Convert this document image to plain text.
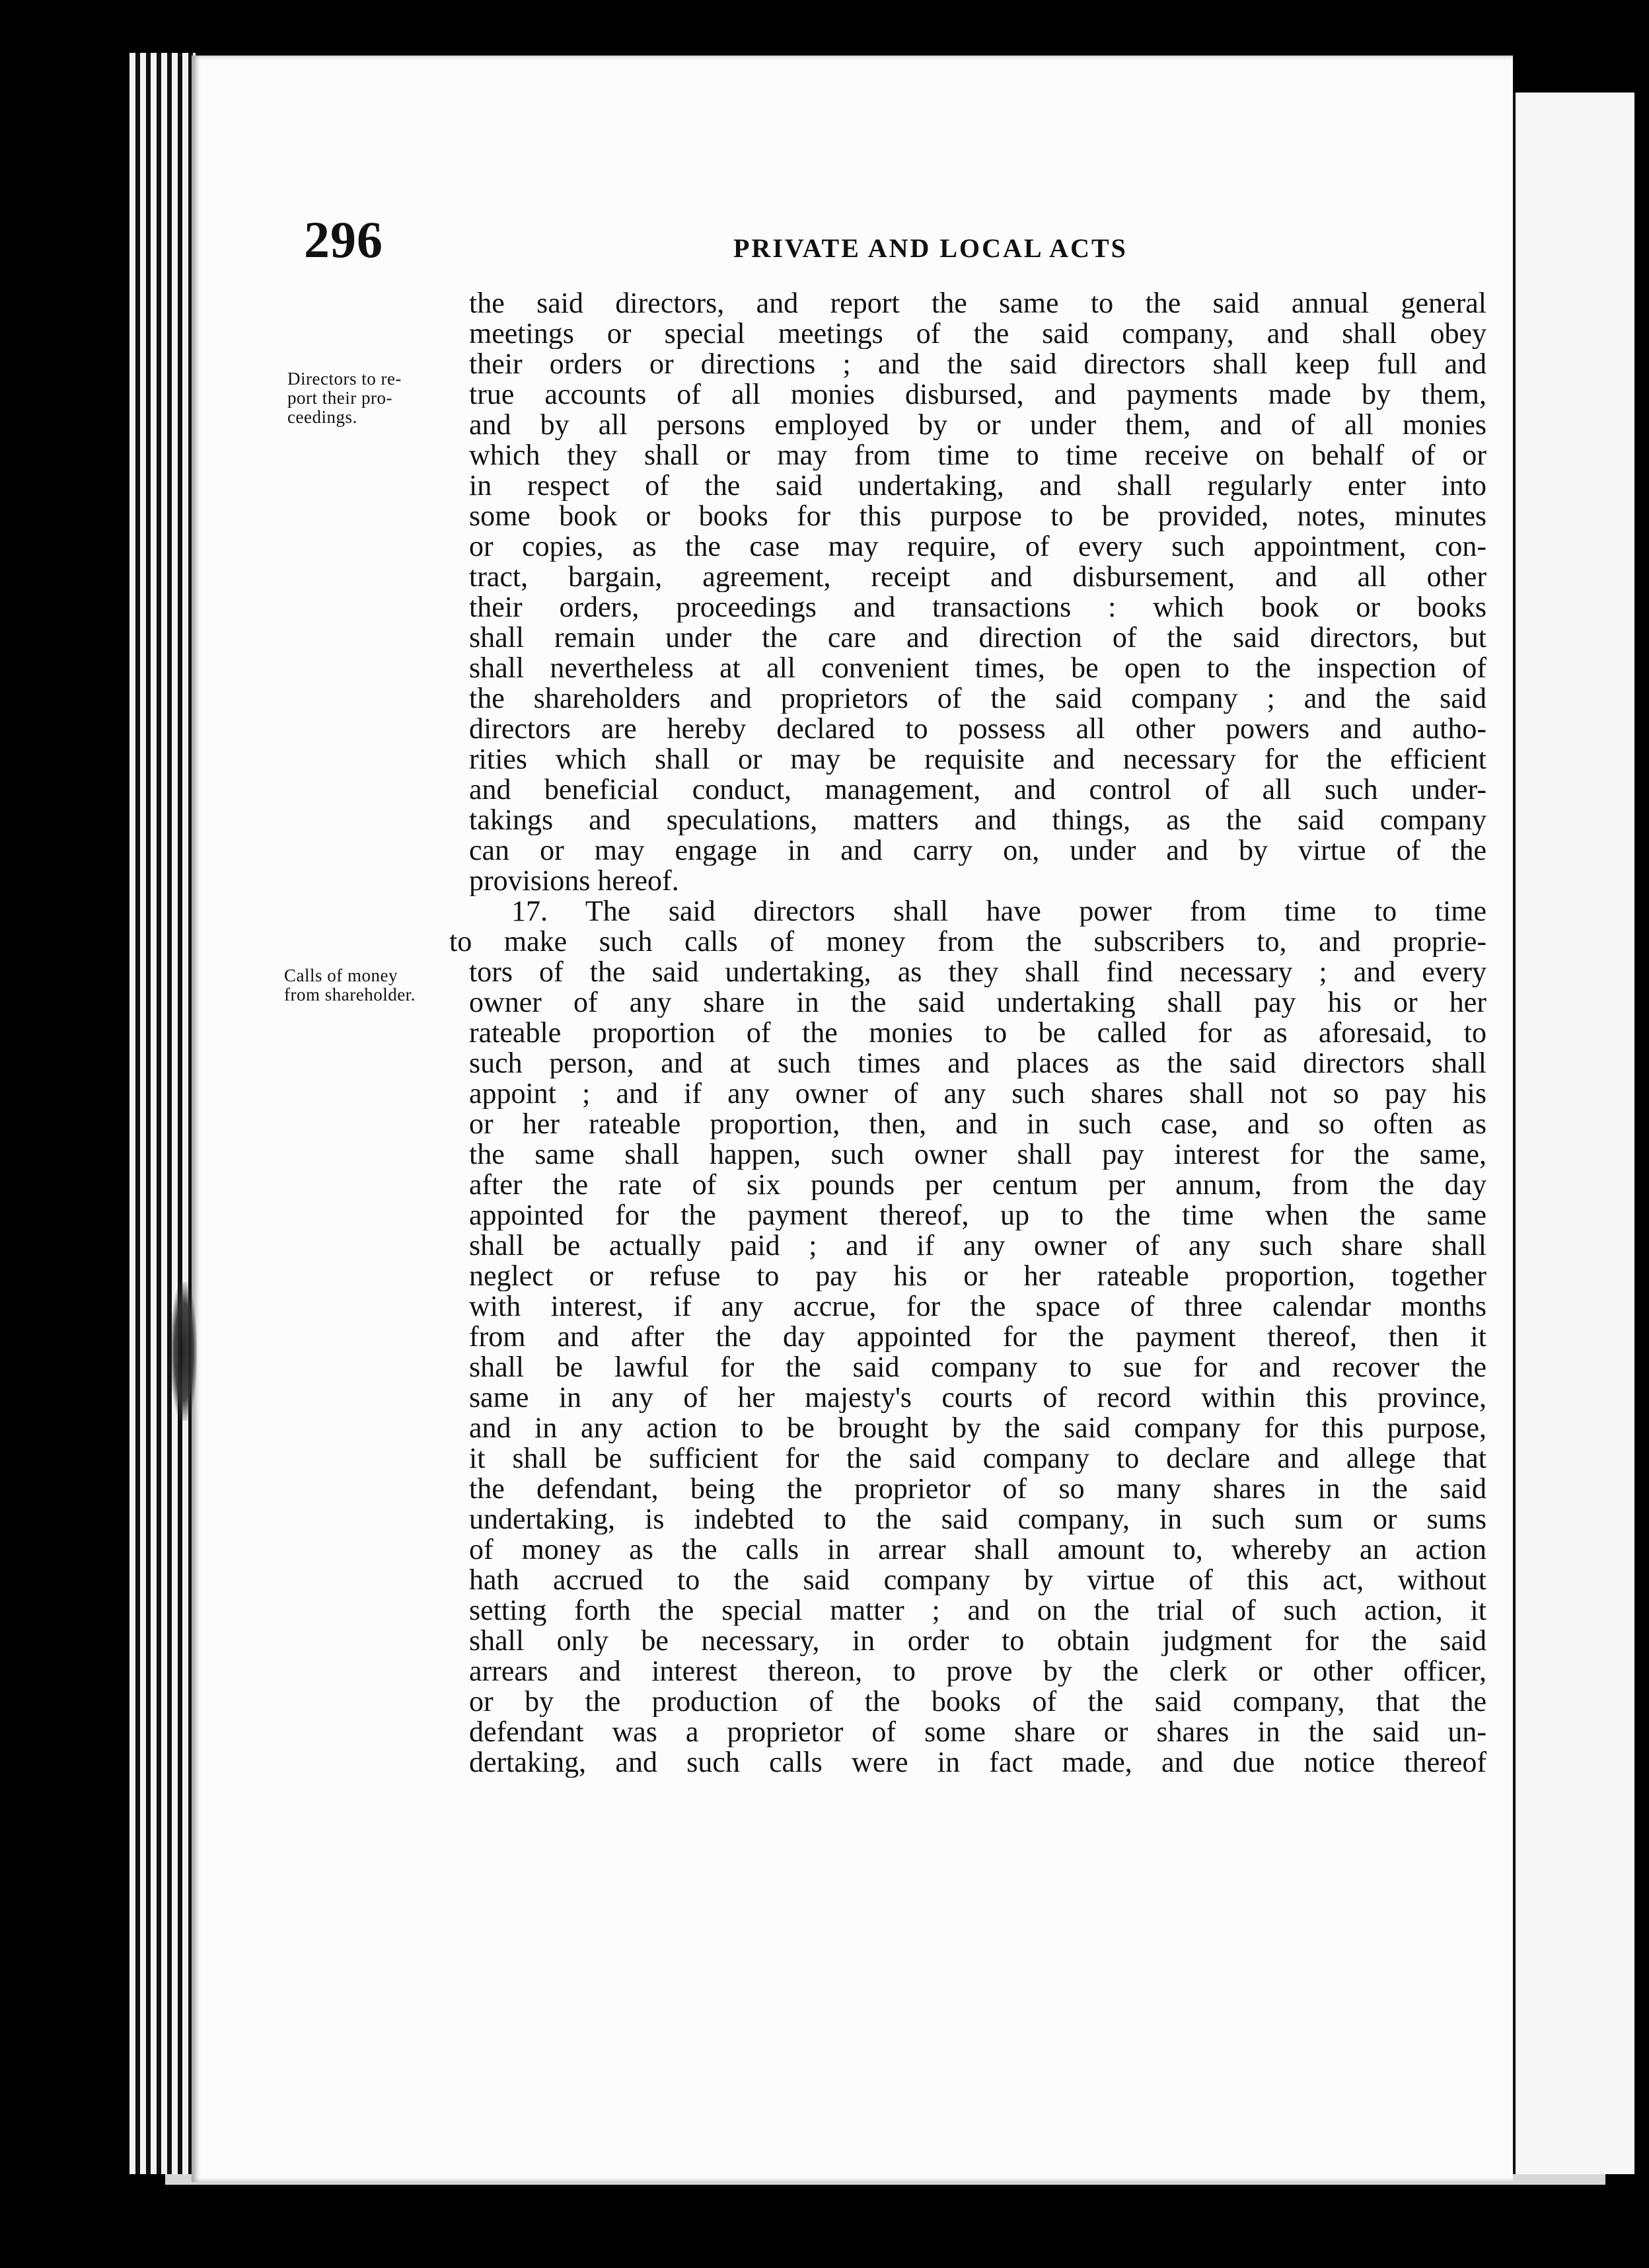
296	PRIVATE AND LOCAL ACTS
Directors to re-
port their pro-
ceedings.
Calls of money
from shareholder.
the said directors, and report the same to the said annual general
meetings or special meetings of the said company, and shall obey
their orders or directions ; and the said directors shall keep full and
true accounts of all monies disbursed, and payments made by them,
and by all persons employed by or under them, and of all monies
which they shall or may from time to time receive on behalf of or
in respect of the said undertaking, and shall regularly enter into
some book or books for this purpose to be provided, notes, minutes
or copies, as the case may require, of every such appointment, con-
tract, bargain, agreement, receipt and disbursement, and all other
their orders, proceedings and transactions : which book or books
shall remain under the care and direction of the said directors, but
shall nevertheless at all convenient times, be open to the inspection of
the shareholders and proprietors of the said company ; and the said
directors are hereby declared to possess all other powers and autho-
rities which shall or may be requisite and necessary for the efficient
and beneficial conduct, management, and control of all such under-
takings and speculations, matters and things, as the said company
can or may engage in and carry on, under and by virtue of the
provisions hereof.
17. The said directors shall have power from time to time
to make such calls of money from the subscribers to, and proprie-
tors of the said undertaking, as they shall find necessary ; and every
owner of any share in the said undertaking shall pay his or her
rateable proportion of the monies to be called for as aforesaid, to
such person, and at such times and places as the said directors shall
appoint ; and if any owner of any such shares shall not so pay his
or her rateable proportion, then, and in such case, and so often as
the same shall happen, such owner shall pay interest for the same,
after the rate of six pounds per centum per annum, from the day
appointed for the payment thereof, up to the time when the same
shall be actually paid ; and if any owner of any such share shall
neglect or refuse to pay his or her rateable proportion, together
with interest, if any accrue, for the space of three calendar months
from and after the day appointed for the payment thereof, then it
shall be lawful for the said company to sue for and recover the
same in any of her majesty's courts of record within this province,
and in any action to be brought by the said company for this purpose,
it shall be sufficient for the said company to declare and allege that
the defendant, being the proprietor of so many shares in the said
undertaking, is indebted to the said company, in such sum or sums
of money as the calls in arrear shall amount to, whereby an action
hath accrued to the said company by virtue of this act, without
setting forth the special matter ; and on the trial of such action, it
shall only be necessary, in order to obtain judgment for the said
arrears and interest thereon, to prove by the clerk or other officer,
or by the production of the books of the said company, that the
defendant was a proprietor of some share or shares in the said un-
dertaking, and such calls were in fact made, and due notice thereof
